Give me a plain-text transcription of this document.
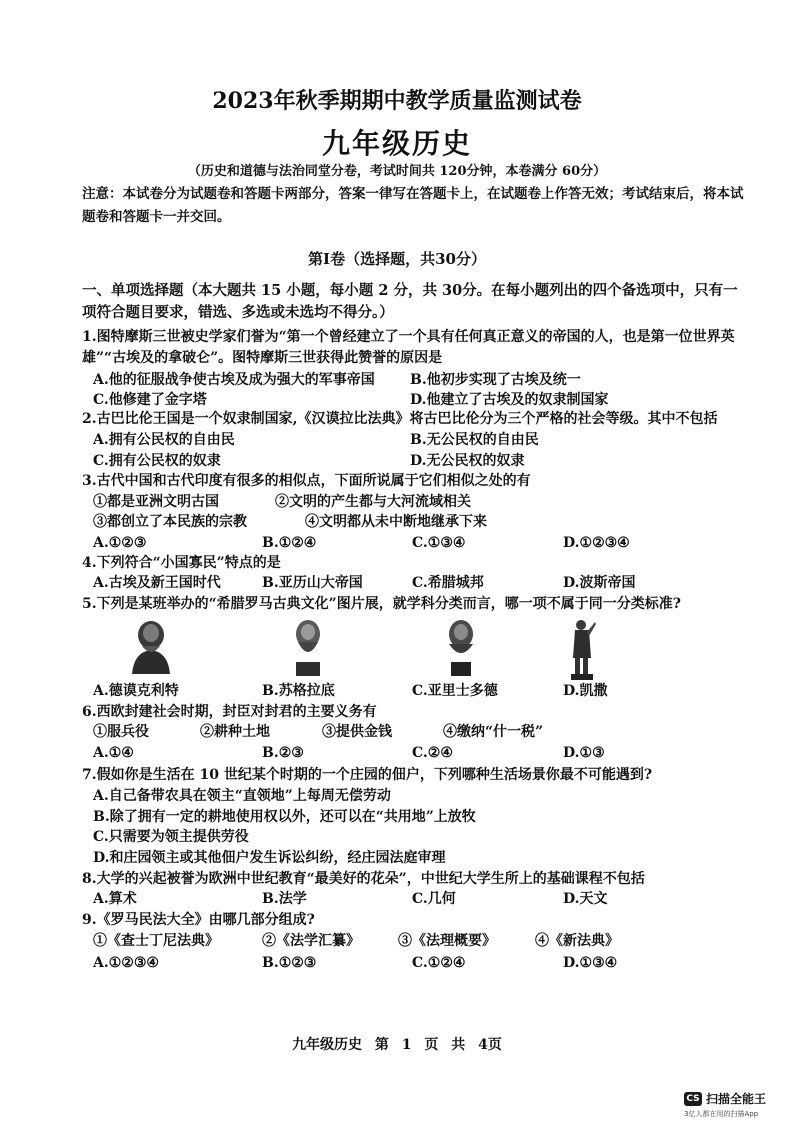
2023年秋季期期中教学质量监测试卷
九年级历史
（历史和道德与法治同堂分卷，考试时间共 120分钟，本卷满分 60分）
注意：本试卷分为试题卷和答题卡两部分，答案一律写在答题卡上，在试题卷上作答无效；考试结束后，将本试题卷和答题卡一并交回。
第Ⅰ卷（选择题，共30分）
一、单项选择题（本大题共 15 小题，每小题 2 分，共 30分。在每小题列出的四个备选项中，只有一项符合题目要求，错选、多选或未选均不得分。）
1.图特摩斯三世被史学家们誉为“第一个曾经建立了一个具有任何真正意义的帝国的人，也是第一位世界英雄”“古埃及的拿破仑”。图特摩斯三世获得此赞誉的原因是
A.他的征服战争使古埃及成为强大的军事帝国	B.他初步实现了古埃及统一
C.他修建了金字塔	D.他建立了古埃及的奴隶制国家
2.古巴比伦王国是一个奴隶制国家,《汉谟拉比法典》将古巴比伦分为三个严格的社会等级。其中不包括
A.拥有公民权的自由民	B.无公民权的自由民
C.拥有公民权的奴隶	D.无公民权的奴隶
3.古代中国和古代印度有很多的相似点，下面所说属于它们相似之处的有
①都是亚洲文明古国	②文明的产生都与大河流域相关
③都创立了本民族的宗教	④文明都从未中断地继承下来
A.①②③	B.①②④	C.①③④	D.①②③④
4.下列符合“小国寡民”特点的是
A.古埃及新王国时代	B.亚历山大帝国	C.希腊城邦	D.波斯帝国
5.下列是某班举办的“希腊罗马古典文化”图片展，就学科分类而言，哪一项不属于同一分类标准?
A.德谟克利特	B.苏格拉底	C.亚里士多德	D.凯撒
6.西欧封建社会时期，封臣对封君的主要义务有
①服兵役	②耕种土地	③提供金钱	④缴纳“什一税”
A.①④	B.②③	C.②④	D.①③
7.假如你是生活在 10 世纪某个时期的一个庄园的佃户，下列哪种生活场景你最不可能遇到?
A.自己备带农具在领主“直领地”上每周无偿劳动
B.除了拥有一定的耕地使用权以外，还可以在“共用地”上放牧
C.只需要为领主提供劳役
D.和庄园领主或其他佃户发生诉讼纠纷，经庄园法庭审理
8.大学的兴起被誉为欧洲中世纪教育“最美好的花朵”，中世纪大学生所上的基础课程不包括
A.算术	B.法学	C.几何	D.天文
9.《罗马民法大全》由哪几部分组成?
①《查士丁尼法典》	②《法学汇纂》	③《法理概要》	④《新法典》
A.①②③④	B.①②③	C.①②④	D.①③④
九年级历史 第 1 页 共 4页
CS 扫描全能王
3亿人都在用的扫描App
